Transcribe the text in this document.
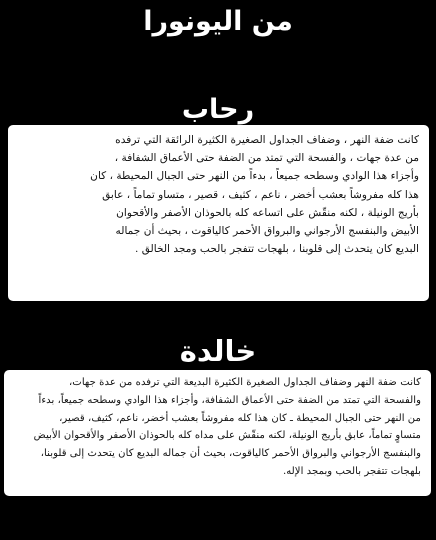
من اليونورا
رحاب
كانت ضفة النهر ، وضفاف الجداول الصغيرة الكثيرة الرائقة التي ترفده
من عدة جهات ، والفسحة التي تمتد من الضفة حتى الأعماق الشفافة ،
وأجزاء هذا الوادي وسطحه جميعاً ، بدءاً من النهر حتى الجبال المحيطة ، كان
هذا كله مفروشاً بعشب أخضر ، ناعم ، كثيف ، قصير ، متساو تماماً ، عابق
بأريج الونيلة ، لكنه منقّش على اتساعه كله بالحوذان الأصفر والأقحوان
الأبيض والبنفسج الأرجواني والبرواق الأحمر كالياقوت ، بحيث أن جماله
البديع كان يتحدث إلى قلوبنا ، بلهجات تتفجر بالحب ومجد الخالق .
خالدة
كانت ضفة النهر وضفاف الجداول الصغيرة الكثيرة البديعة التي ترفده من عدة جهات،
والفسحة التي تمتد من الضفة حتى الأعماق الشفافة، وأجزاء هذا الوادي وسطحه جميعاً، بدءاً
من النهر حتى الجبال المحيطة ـ كان هذا كله مفروشاً بعشب أخضر، ناعم، كثيف، قصير،
متساوٍ تماماً، عابق بأريج الونيلة، لكنه منقّش على مداه كله بالحوذان الأصفر والأقحوان الأبيض
والبنفسج الأرجواني والبرواق الأحمر كالياقوت، بحيث أن جماله البديع كان يتحدث إلى قلوبنا،
بلهجات تتفجر بالحب وبمجد الإله.
